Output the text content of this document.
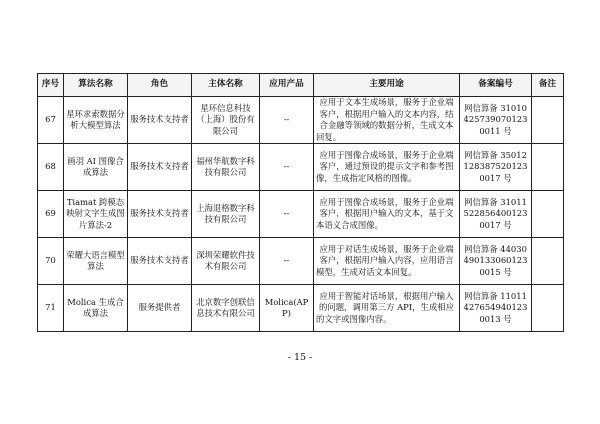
序号	算法名称	角色	主体名称	应用产品	主要用途	备案编号	备注
67	星环求索数据分析大模型算法	服务技术支持者	星环信息科技（上海）股份有限公司	--	应用于文本生成场景，服务于企业端客户，根据用户输入的文本内容，结合金融等领域的数据分析，生成文本回复。	网信算备 310104257390701230011 号	
68	画羽 AI 图像合成算法	服务技术支持者	福州华航数字科技有限公司	--	应用于图像合成场景，服务于企业端客户，通过预设的提示文字和参考图像，生成指定风格的图像。	网信算备 350121283875201230017 号	
69	Tiamat 跨模态映射文字生成图片算法-2	服务技术支持者	上海退格数字科技有限公司	--	应用于图像合成场景，服务于企业端客户，根据用户输入的文本，基于文本语义合成图像。	网信算备 310115228564001230017 号	
70	荣耀大语言模型算法	服务技术支持者	深圳荣耀软件技术有限公司	--	应用于对话生成场景，服务于企业端客户，根据用户输入内容，应用语言模型，生成对话文本回复。	网信算备 440304901330601230015 号	
71	Molica 生成合成算法	服务提供者	北京数字创联信息技术有限公司	Molica(APP)	应用于智能对话场景，根据用户输入的问题，调用第三方 API，生成相应的文字或图像内容。	网信算备 110114276549401230013 号	
- 15 -
